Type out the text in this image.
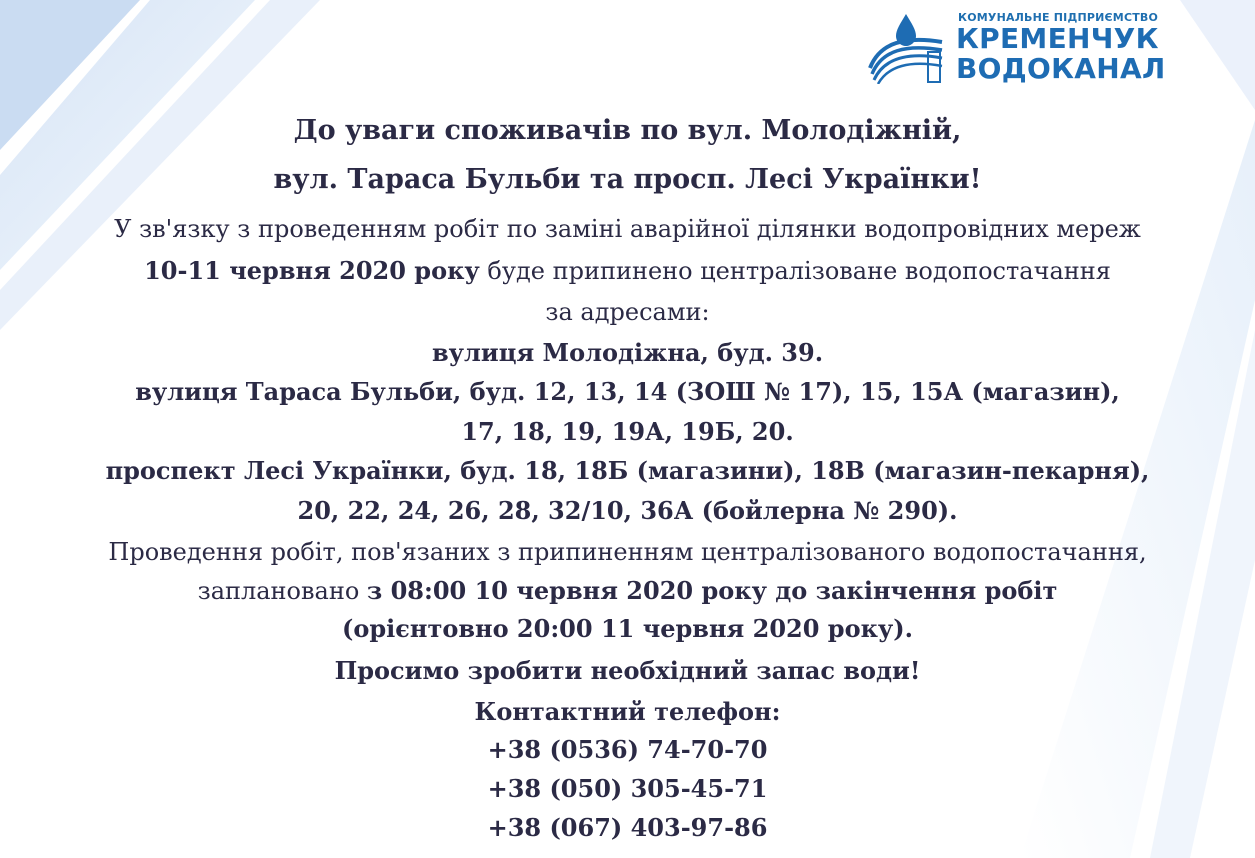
КОМУНАЛЬНЕ ПІДПРИЄМСТВО
КРЕМЕНЧУК
ВОДОКАНАЛ
До уваги споживачів по вул. Молодіжній,
вул. Тараса Бульби та просп. Лесі Українки!
У зв'язку з проведенням робіт по заміні аварійної ділянки водопровідних мереж
10-11 червня 2020 року буде припинено централізоване водопостачання
за адресами:
вулиця Молодіжна, буд. 39.
вулиця Тараса Бульби, буд. 12, 13, 14 (ЗОШ № 17), 15, 15А (магазин),
17, 18, 19, 19А, 19Б, 20.
проспект Лесі Українки, буд. 18, 18Б (магазини), 18В (магазин-пекарня),
20, 22, 24, 26, 28, 32/10, 36А (бойлерна № 290).
Проведення робіт, пов'язаних з припиненням централізованого водопостачання,
заплановано з 08:00 10 червня 2020 року до закінчення робіт
(орієнтовно 20:00 11 червня 2020 року).
Просимо зробити необхідний запас води!
Контактний телефон:
+38 (0536) 74-70-70
+38 (050) 305-45-71
+38 (067) 403-97-86
